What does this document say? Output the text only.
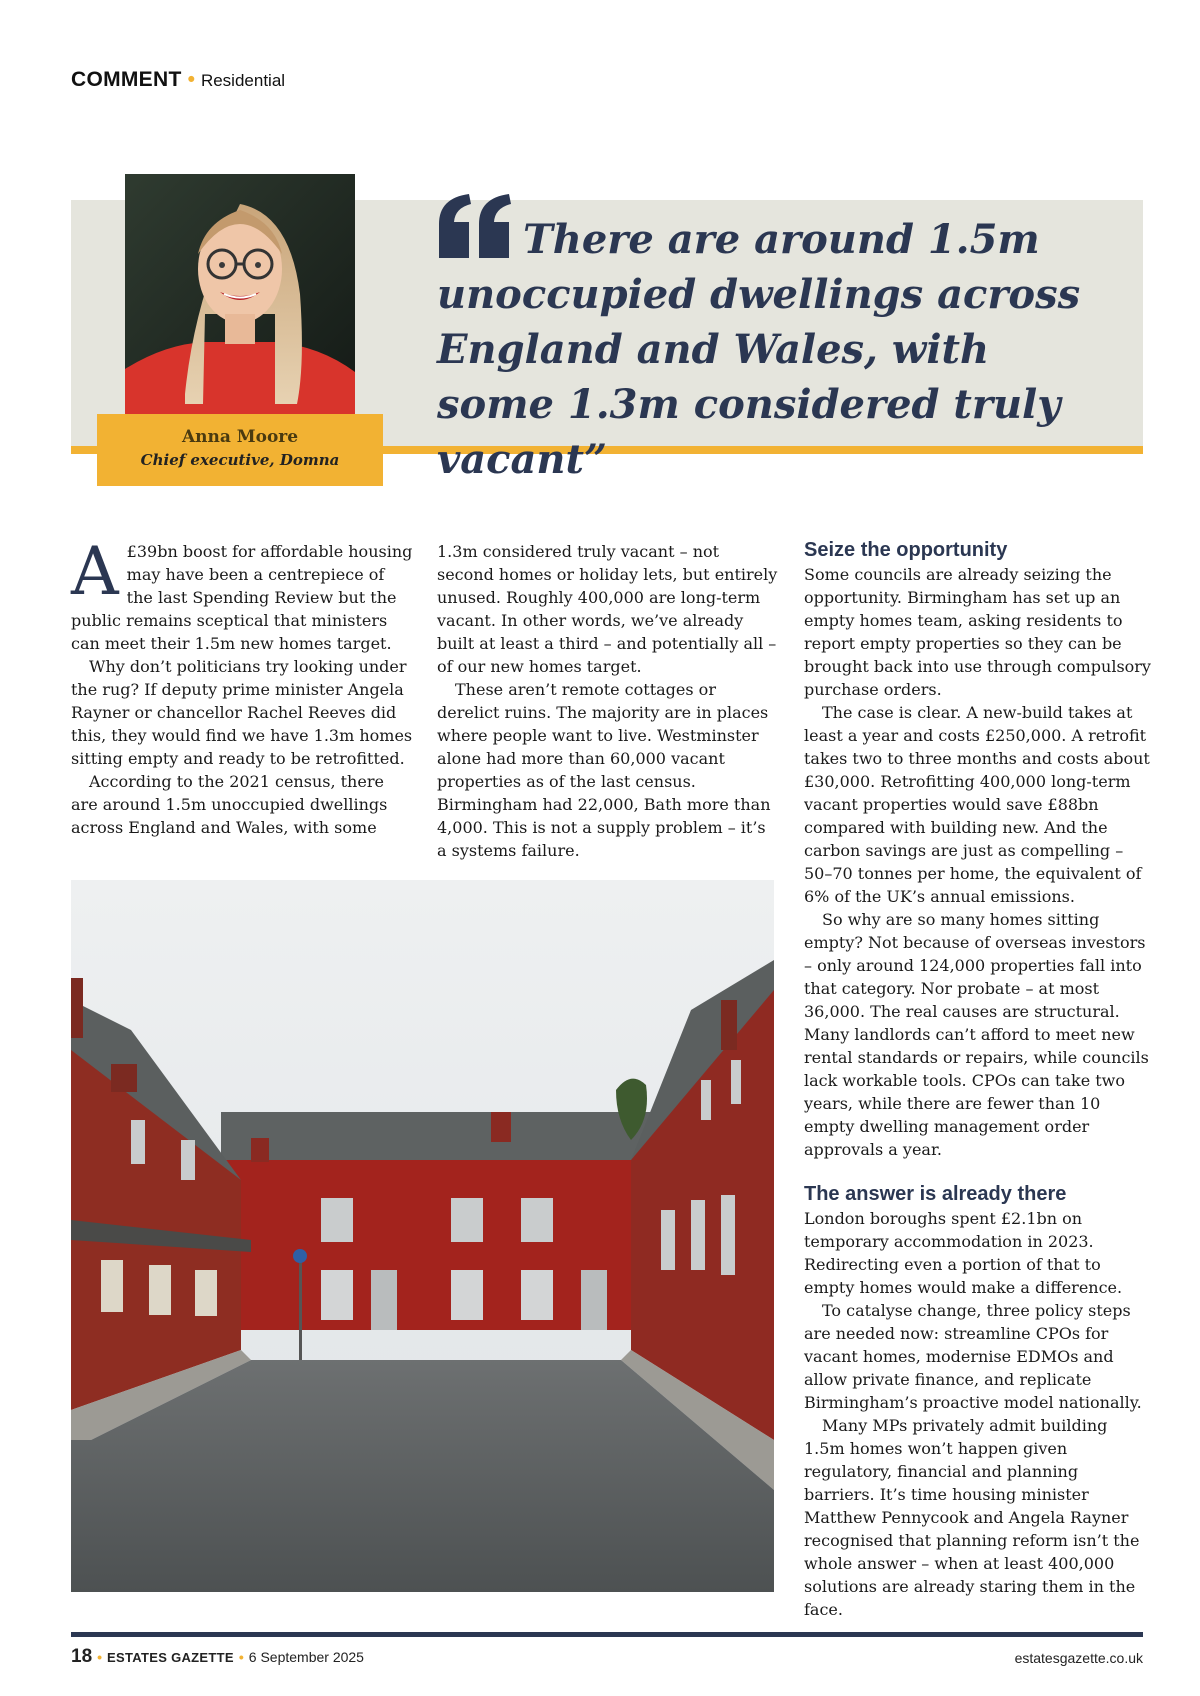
COMMENT • Residential
Anna Moore
Chief executive, Domna
There are around 1.5m unoccupied dwellings across England and Wales, with some 1.3m considered truly vacant”
A £39bn boost for affordable housing may have been a centrepiece of the last Spending Review but the public remains sceptical that ministers can meet their 1.5m new homes target.

Why don’t politicians try looking under the rug? If deputy prime minister Angela Rayner or chancellor Rachel Reeves did this, they would find we have 1.3m homes sitting empty and ready to be retrofitted.

According to the 2021 census, there are around 1.5m unoccupied dwellings across England and Wales, with some

1.3m considered truly vacant – not second homes or holiday lets, but entirely unused. Roughly 400,000 are long-term vacant. In other words, we’ve already built at least a third – and potentially all – of our new homes target.

These aren’t remote cottages or derelict ruins. The majority are in places where people want to live. Westminster alone had more than 60,000 vacant properties as of the last census. Birmingham had 22,000, Bath more than 4,000. This is not a supply problem – it’s a systems failure.

Seize the opportunity

Some councils are already seizing the opportunity. Birmingham has set up an empty homes team, asking residents to report empty properties so they can be brought back into use through compulsory purchase orders.

The case is clear. A new-build takes at least a year and costs £250,000. A retrofit takes two to three months and costs about £30,000. Retrofitting 400,000 long-term vacant properties would save £88bn compared with building new. And the carbon savings are just as compelling – 50–70 tonnes per home, the equivalent of 6% of the UK’s annual emissions.

So why are so many homes sitting empty? Not because of overseas investors – only around 124,000 properties fall into that category. Nor probate – at most 36,000. The real causes are structural. Many landlords can’t afford to meet new rental standards or repairs, while councils lack workable tools. CPOs can take two years, while there are fewer than 10 empty dwelling management order approvals a year.

The answer is already there

London boroughs spent £2.1bn on temporary accommodation in 2023. Redirecting even a portion of that to empty homes would make a difference.

To catalyse change, three policy steps are needed now: streamline CPOs for vacant homes, modernise EDMOs and allow private finance, and replicate Birmingham’s proactive model nationally.

Many MPs privately admit building 1.5m homes won’t happen given regulatory, financial and planning barriers. It’s time housing minister Matthew Pennycook and Angela Rayner recognised that planning reform isn’t the whole answer – when at least 400,000 solutions are already staring them in the face.

18 • ESTATES GAZETTE • 6 September 2025	estatesgazette.co.uk
